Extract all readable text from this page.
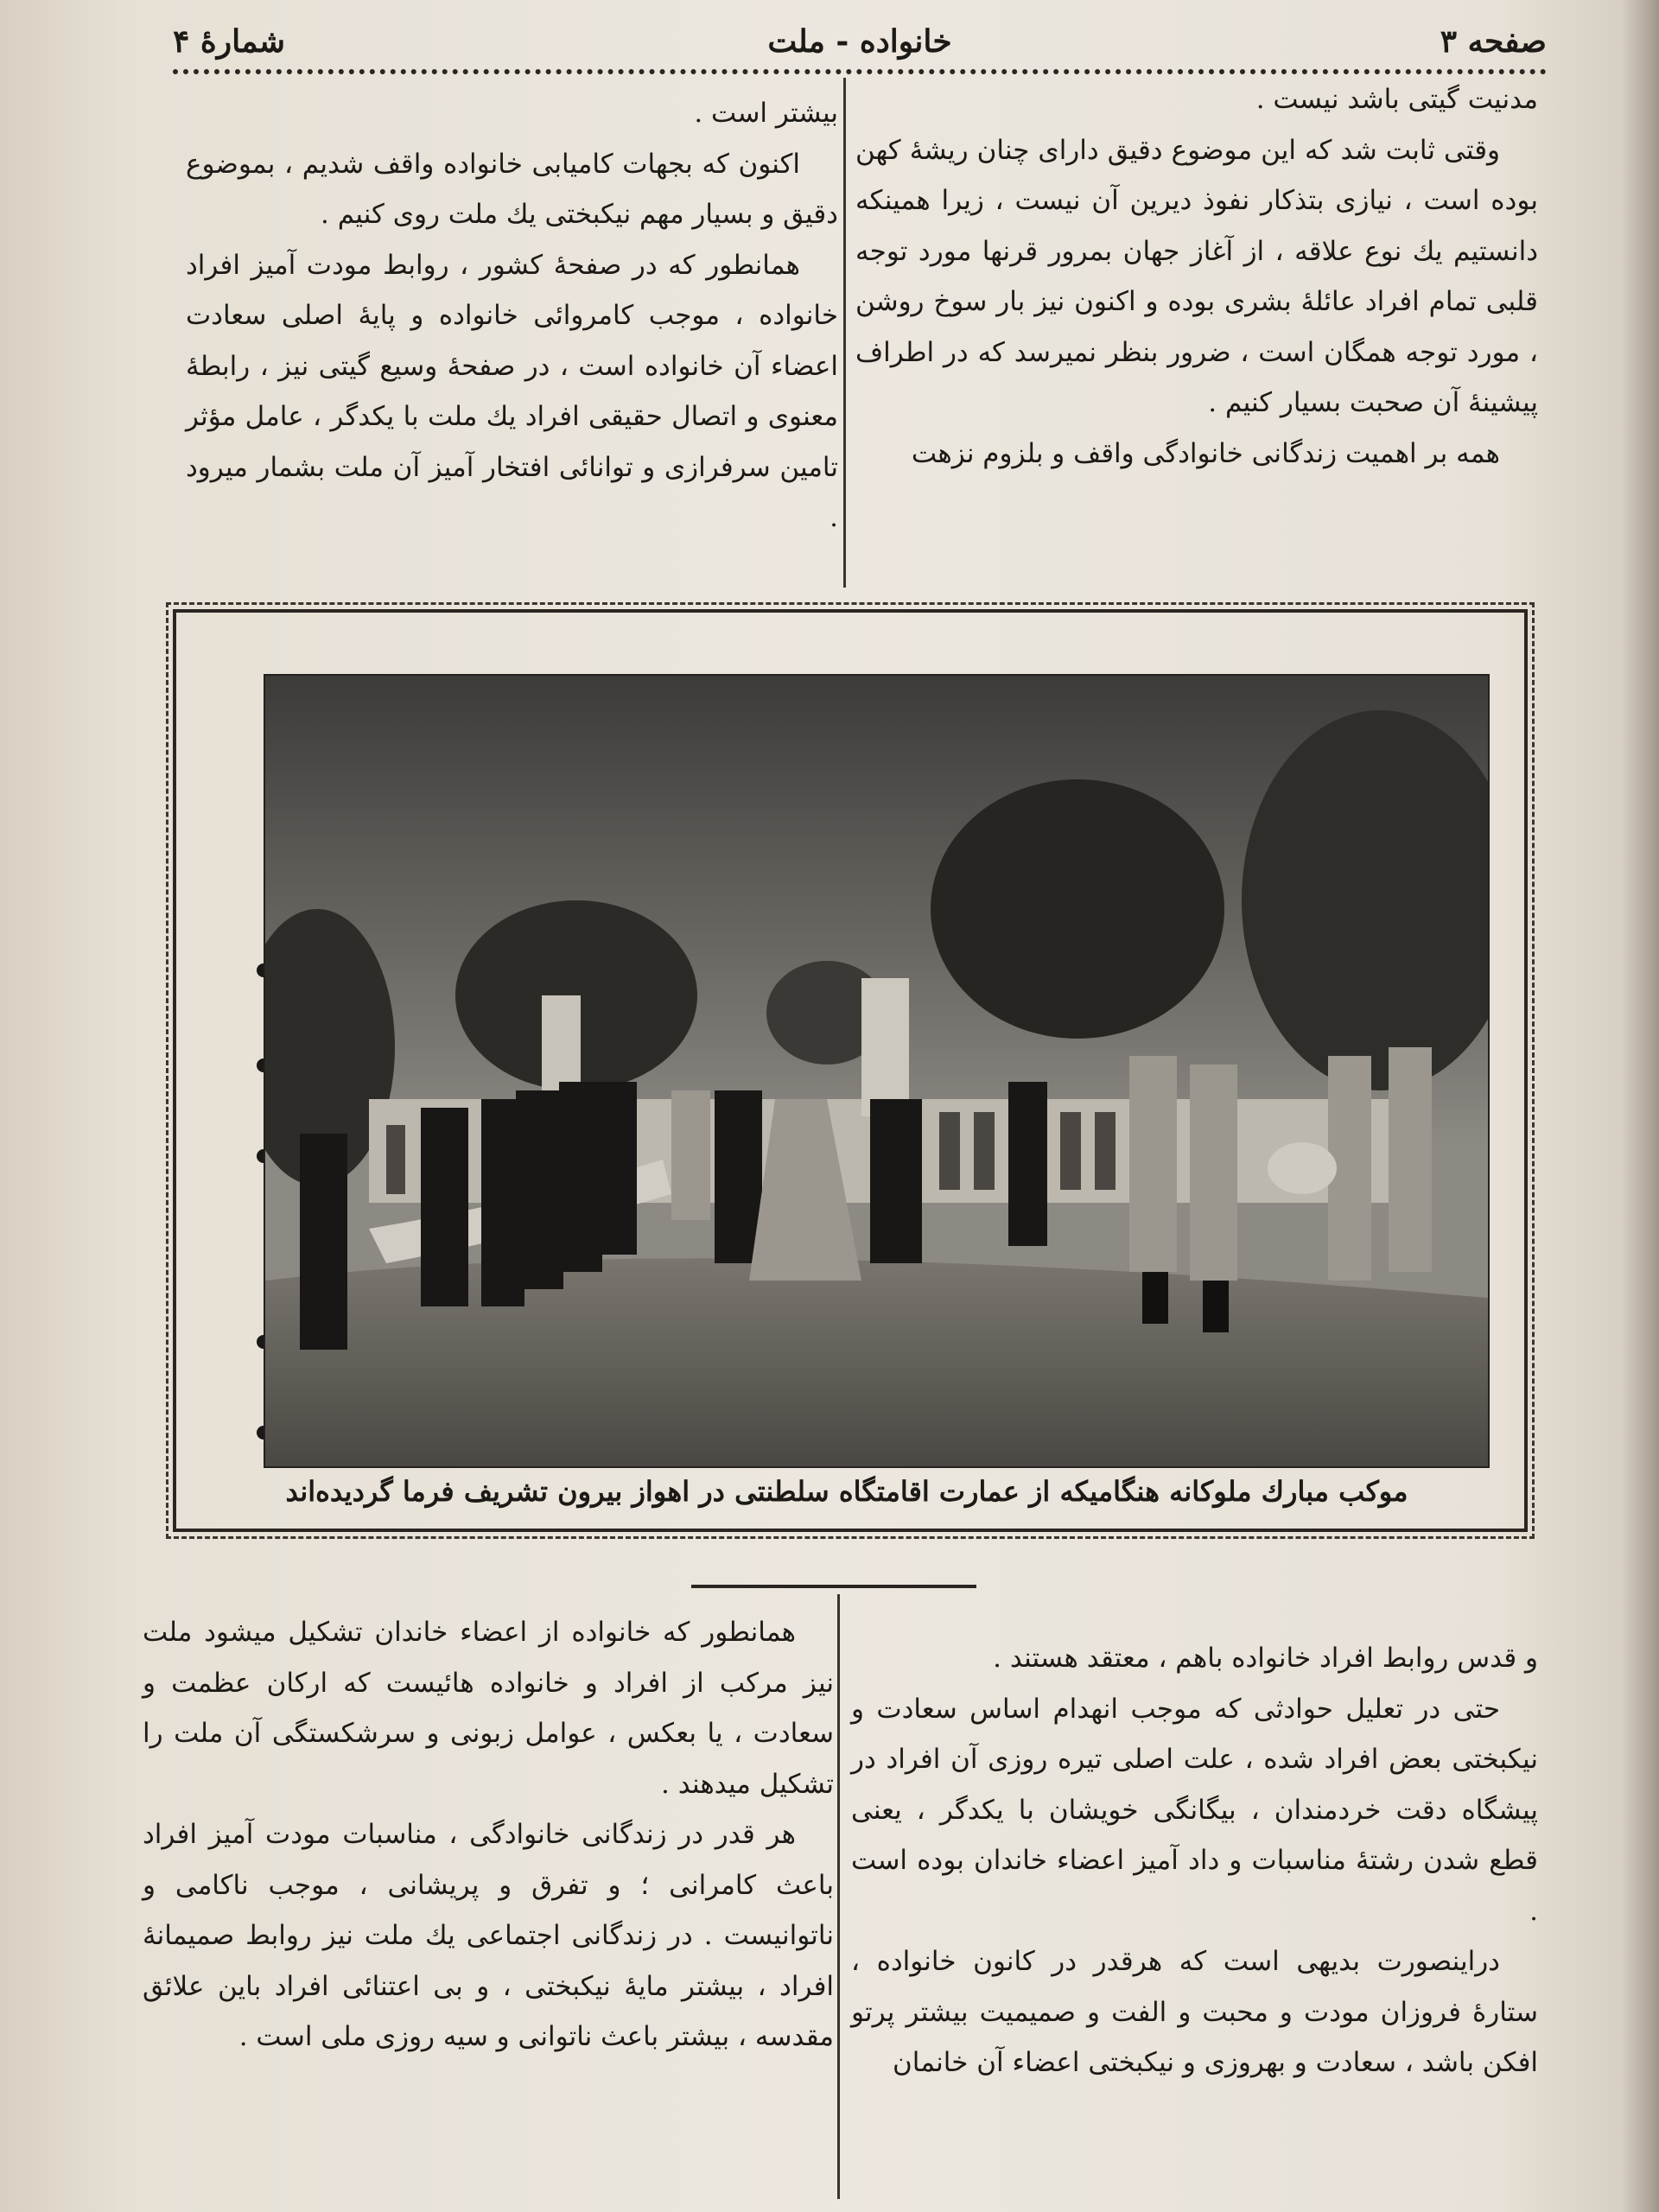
صفحه ۳
خانواده - ملت
شمارهٔ ۴

مدنیت گیتی باشد نیست .

وقتی ثابت شد که این موضوع دقیق دارای چنان ریشهٔ کهن بوده است ، نیازی بتذکار نفوذ دیرین آن نیست ، زیرا همینکه دانستیم یك نوع علاقه ، از آغاز جهان بمرور قرنها مورد توجه قلبی تمام افراد عائلهٔ بشری بوده و اکنون نیز بار سوخ روشن ، مورد توجه همگان است ، ضرور بنظر نمیرسد که در اطراف پیشینهٔ آن صحبت بسیار کنیم .

همه بر اهمیت زندگانی خانوادگی واقف و بلزوم نزهت

بیشتر است .

اکنون که بجهات کامیابی خانواده واقف شدیم ، بموضوع دقیق و بسیار مهم نیکبختی یك ملت روی کنیم .

همانطور که در صفحهٔ کشور ، روابط مودت آمیز افراد خانواده ، موجب کامروائی خانواده و پایهٔ اصلی سعادت اعضاء آن خانواده است ، در صفحهٔ وسیع گیتی نیز ، رابطهٔ معنوی و اتصال حقیقی افراد یك ملت با یکدگر ، عامل مؤثر تامین سرفرازی و توانائی افتخار آمیز آن ملت بشمار میرود .

موکب مبارك ملوکانه هنگامیکه از عمارت اقامتگاه سلطنتی در اهواز بیرون تشریف فرما گردیده‌اند

و قدس روابط افراد خانواده باهم ، معتقد هستند .

حتی در تعلیل حوادثی که موجب انهدام اساس سعادت و نیکبختی بعض افراد شده ، علت اصلی تیره روزی آن افراد در پیشگاه دقت خردمندان ، بیگانگی خویشان با یکدگر ، یعنی قطع شدن رشتهٔ مناسبات و داد آمیز اعضاء خاندان بوده است .

دراینصورت بدیهی است که هرقدر در کانون خانواده ، ستارهٔ فروزان مودت و محبت و الفت و صمیمیت بیشتر پرتو افکن باشد ، سعادت و بهروزی و نیکبختی اعضاء آن خانمان

همانطور که خانواده از اعضاء خاندان تشکیل میشود ملت نیز مرکب از افراد و خانواده هائیست که ارکان عظمت و سعادت ، یا بعکس ، عوامل زبونی و سرشکستگی آن ملت را تشکیل میدهند .

هر قدر در زندگانی خانوادگی ، مناسبات مودت آمیز افراد باعث کامرانی ؛ و تفرق و پریشانی ، موجب ناکامی و ناتوانیست . در زندگانی اجتماعی یك ملت نیز روابط صمیمانهٔ افراد ، بیشتر مایهٔ نیکبختی ، و بی اعتنائی افراد باین علائق مقدسه ، بیشتر باعث ناتوانی و سیه روزی ملی است .
